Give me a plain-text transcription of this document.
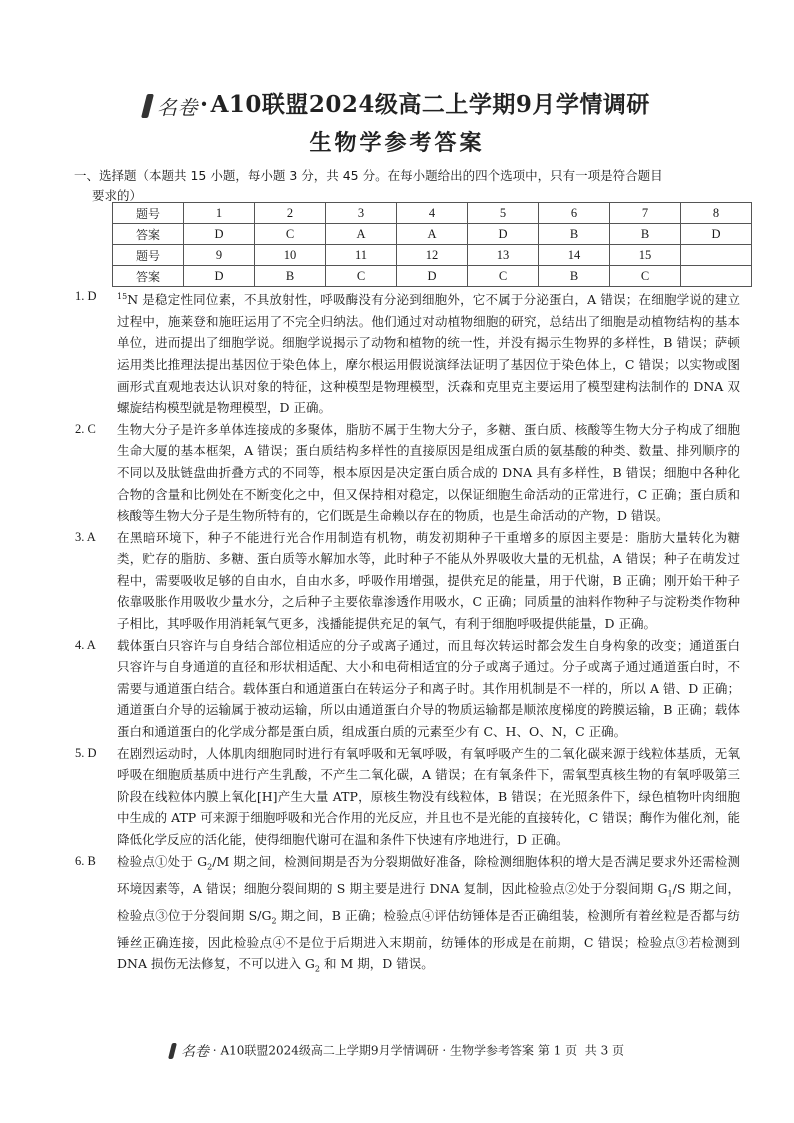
名卷·A10联盟2024级高二上学期9月学情调研
生物学参考答案
一、选择题（本题共 15 小题，每小题 3 分，共 45 分。在每小题给出的四个选项中，只有一项是符合题目
要求的）
题号	1	2	3	4	5	6	7	8
答案	D	C	A	A	D	B	B	D
题号	9	10	11	12	13	14	15	
答案	D	B	C	D	C	B	C	
1. D	$^{15}$N 是稳定性同位素，不具放射性，呼吸酶没有分泌到细胞外，它不属于分泌蛋白，A 错误；在细胞学说的建立过程中，施莱登和施旺运用了不完全归纳法。他们通过对动植物细胞的研究，总结出了细胞是动植物结构的基本单位，进而提出了细胞学说。细胞学说揭示了动物和植物的统一性，并没有揭示生物界的多样性，B 错误；萨顿运用类比推理法提出基因位于染色体上，摩尔根运用假说演绎法证明了基因位于染色体上，C 错误；以实物或图画形式直观地表达认识对象的特征，这种模型是物理模型，沃森和克里克主要运用了模型建构法制作的 DNA 双螺旋结构模型就是物理模型，D 正确。
2. C	生物大分子是许多单体连接成的多聚体，脂肪不属于生物大分子，多糖、蛋白质、核酸等生物大分子构成了细胞生命大厦的基本框架，A 错误；蛋白质结构多样性的直接原因是组成蛋白质的氨基酸的种类、数量、排列顺序的不同以及肽链盘曲折叠方式的不同等，根本原因是决定蛋白质合成的 DNA 具有多样性，B 错误；细胞中各种化合物的含量和比例处在不断变化之中，但又保持相对稳定，以保证细胞生命活动的正常进行，C 正确；蛋白质和核酸等生物大分子是生物所特有的，它们既是生命赖以存在的物质，也是生命活动的产物，D 错误。
3. A	在黑暗环境下，种子不能进行光合作用制造有机物，萌发初期种子干重增多的原因主要是：脂肪大量转化为糖类，贮存的脂肪、多糖、蛋白质等水解加水等，此时种子不能从外界吸收大量的无机盐，A 错误；种子在萌发过程中，需要吸收足够的自由水，自由水多，呼吸作用增强，提供充足的能量，用于代谢，B 正确；刚开始干种子依靠吸胀作用吸收少量水分，之后种子主要依靠渗透作用吸水，C 正确；同质量的油料作物种子与淀粉类作物种子相比，其呼吸作用消耗氧气更多，浅播能提供充足的氧气，有利于细胞呼吸提供能量，D 正确。
4. A	载体蛋白只容许与自身结合部位相适应的分子或离子通过，而且每次转运时都会发生自身构象的改变；通道蛋白只容许与自身通道的直径和形状相适配、大小和电荷相适宜的分子或离子通过。分子或离子通过通道蛋白时，不需要与通道蛋白结合。载体蛋白和通道蛋白在转运分子和离子时。其作用机制是不一样的，所以 A 错、D 正确；通道蛋白介导的运输属于被动运输，所以由通道蛋白介导的物质运输都是顺浓度梯度的跨膜运输，B 正确；载体蛋白和通道蛋白的化学成分都是蛋白质，组成蛋白质的元素至少有 C、H、O、N，C 正确。
5. D	在剧烈运动时，人体肌肉细胞同时进行有氧呼吸和无氧呼吸，有氧呼吸产生的二氧化碳来源于线粒体基质，无氧呼吸在细胞质基质中进行产生乳酸，不产生二氧化碳，A 错误；在有氧条件下，需氧型真核生物的有氧呼吸第三阶段在线粒体内膜上氧化[H]产生大量 ATP，原核生物没有线粒体，B 错误；在光照条件下，绿色植物叶肉细胞中生成的 ATP 可来源于细胞呼吸和光合作用的光反应，并且也不是光能的直接转化，C 错误；酶作为催化剂，能降低化学反应的活化能，使得细胞代谢可在温和条件下快速有序地进行，D 正确。
6. B	检验点①处于 $G_2/M$ 期之间，检测间期是否为分裂期做好准备，除检测细胞体积的增大是否满足要求外还需检测环境因素等，A 错误；细胞分裂间期的 S 期主要是进行 DNA 复制，因此检验点②处于分裂间期 $G_1/S$ 期之间，检验点③位于分裂间期 $S/G_2$ 期之间，B 正确；检验点④评估纺锤体是否正确组装，检测所有着丝粒是否都与纺锤丝正确连接，因此检验点④不是位于后期进入末期前，纺锤体的形成是在前期，C 错误；检验点③若检测到 DNA 损伤无法修复，不可以进入 $G_2$ 和 M 期，D 错误。
名卷 · A10联盟2024级高二上学期9月学情调研 · 生物学参考答案 第 1 页 共 3 页
